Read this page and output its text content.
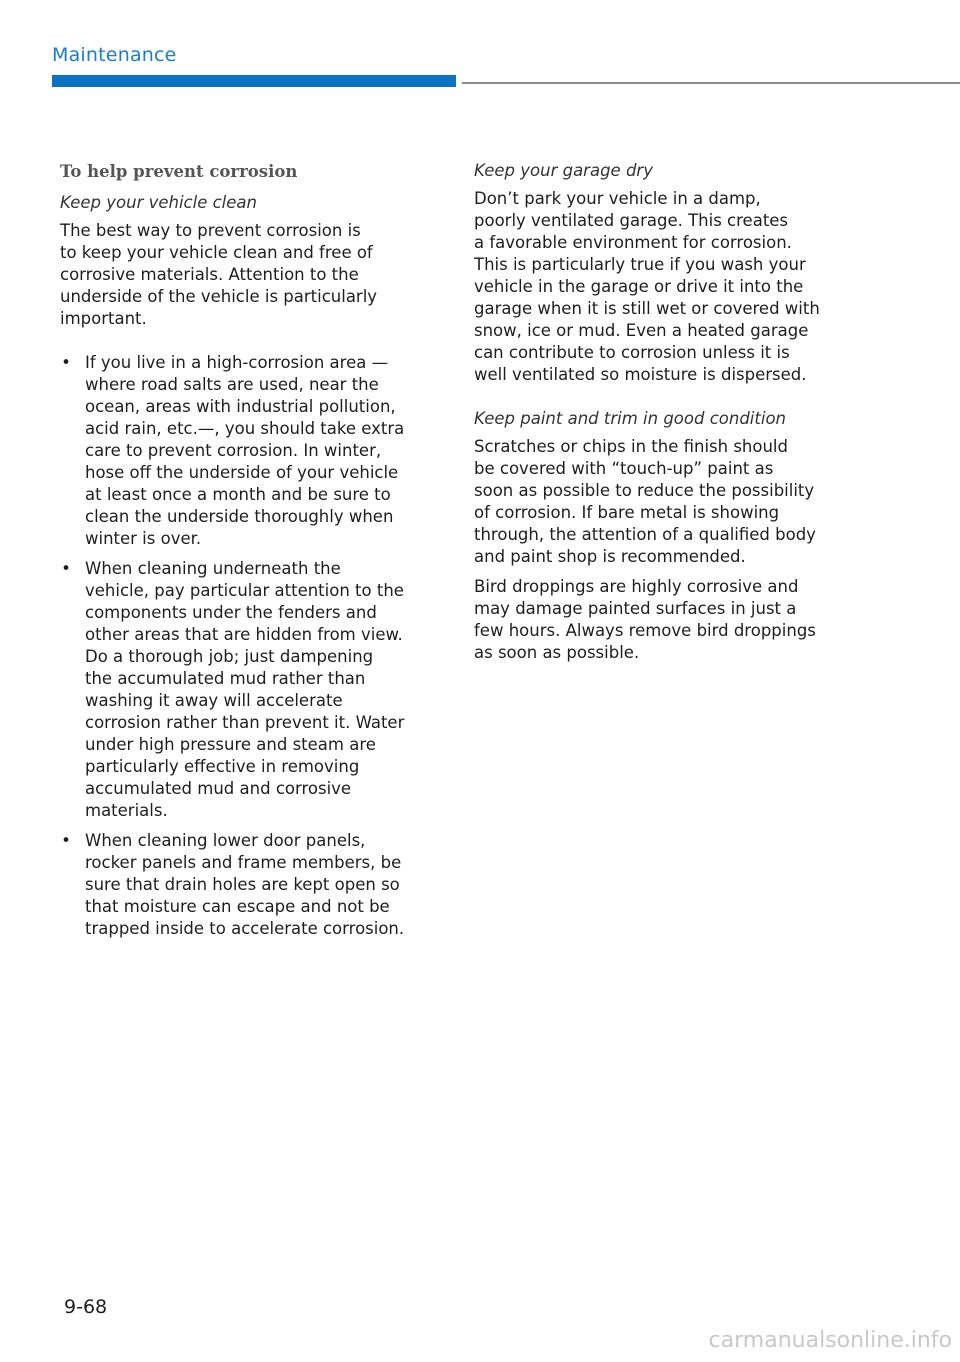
Maintenance
To help prevent corrosion
Keep your vehicle clean

The best way to prevent corrosion is
to keep your vehicle clean and free of
corrosive materials. Attention to the
underside of the vehicle is particularly
important.

• If you live in a high-corrosion area —
where road salts are used, near the
ocean, areas with industrial pollution,
acid rain, etc.—, you should take extra
care to prevent corrosion. In winter,
hose off the underside of your vehicle
at least once a month and be sure to
clean the underside thoroughly when
winter is over.
• When cleaning underneath the
vehicle, pay particular attention to the
components under the fenders and
other areas that are hidden from view.
Do a thorough job; just dampening
the accumulated mud rather than
washing it away will accelerate
corrosion rather than prevent it. Water
under high pressure and steam are
particularly effective in removing
accumulated mud and corrosive
materials.
• When cleaning lower door panels,
rocker panels and frame members, be
sure that drain holes are kept open so
that moisture can escape and not be
trapped inside to accelerate corrosion.
Keep your garage dry

Don’t park your vehicle in a damp,
poorly ventilated garage. This creates
a favorable environment for corrosion.
This is particularly true if you wash your
vehicle in the garage or drive it into the
garage when it is still wet or covered with
snow, ice or mud. Even a heated garage
can contribute to corrosion unless it is
well ventilated so moisture is dispersed.

Keep paint and trim in good condition

Scratches or chips in the finish should
be covered with “touch-up” paint as
soon as possible to reduce the possibility
of corrosion. If bare metal is showing
through, the attention of a qualified body
and paint shop is recommended.

Bird droppings are highly corrosive and
may damage painted surfaces in just a
few hours. Always remove bird droppings
as soon as possible.

9-68
carmanualsonline.info
